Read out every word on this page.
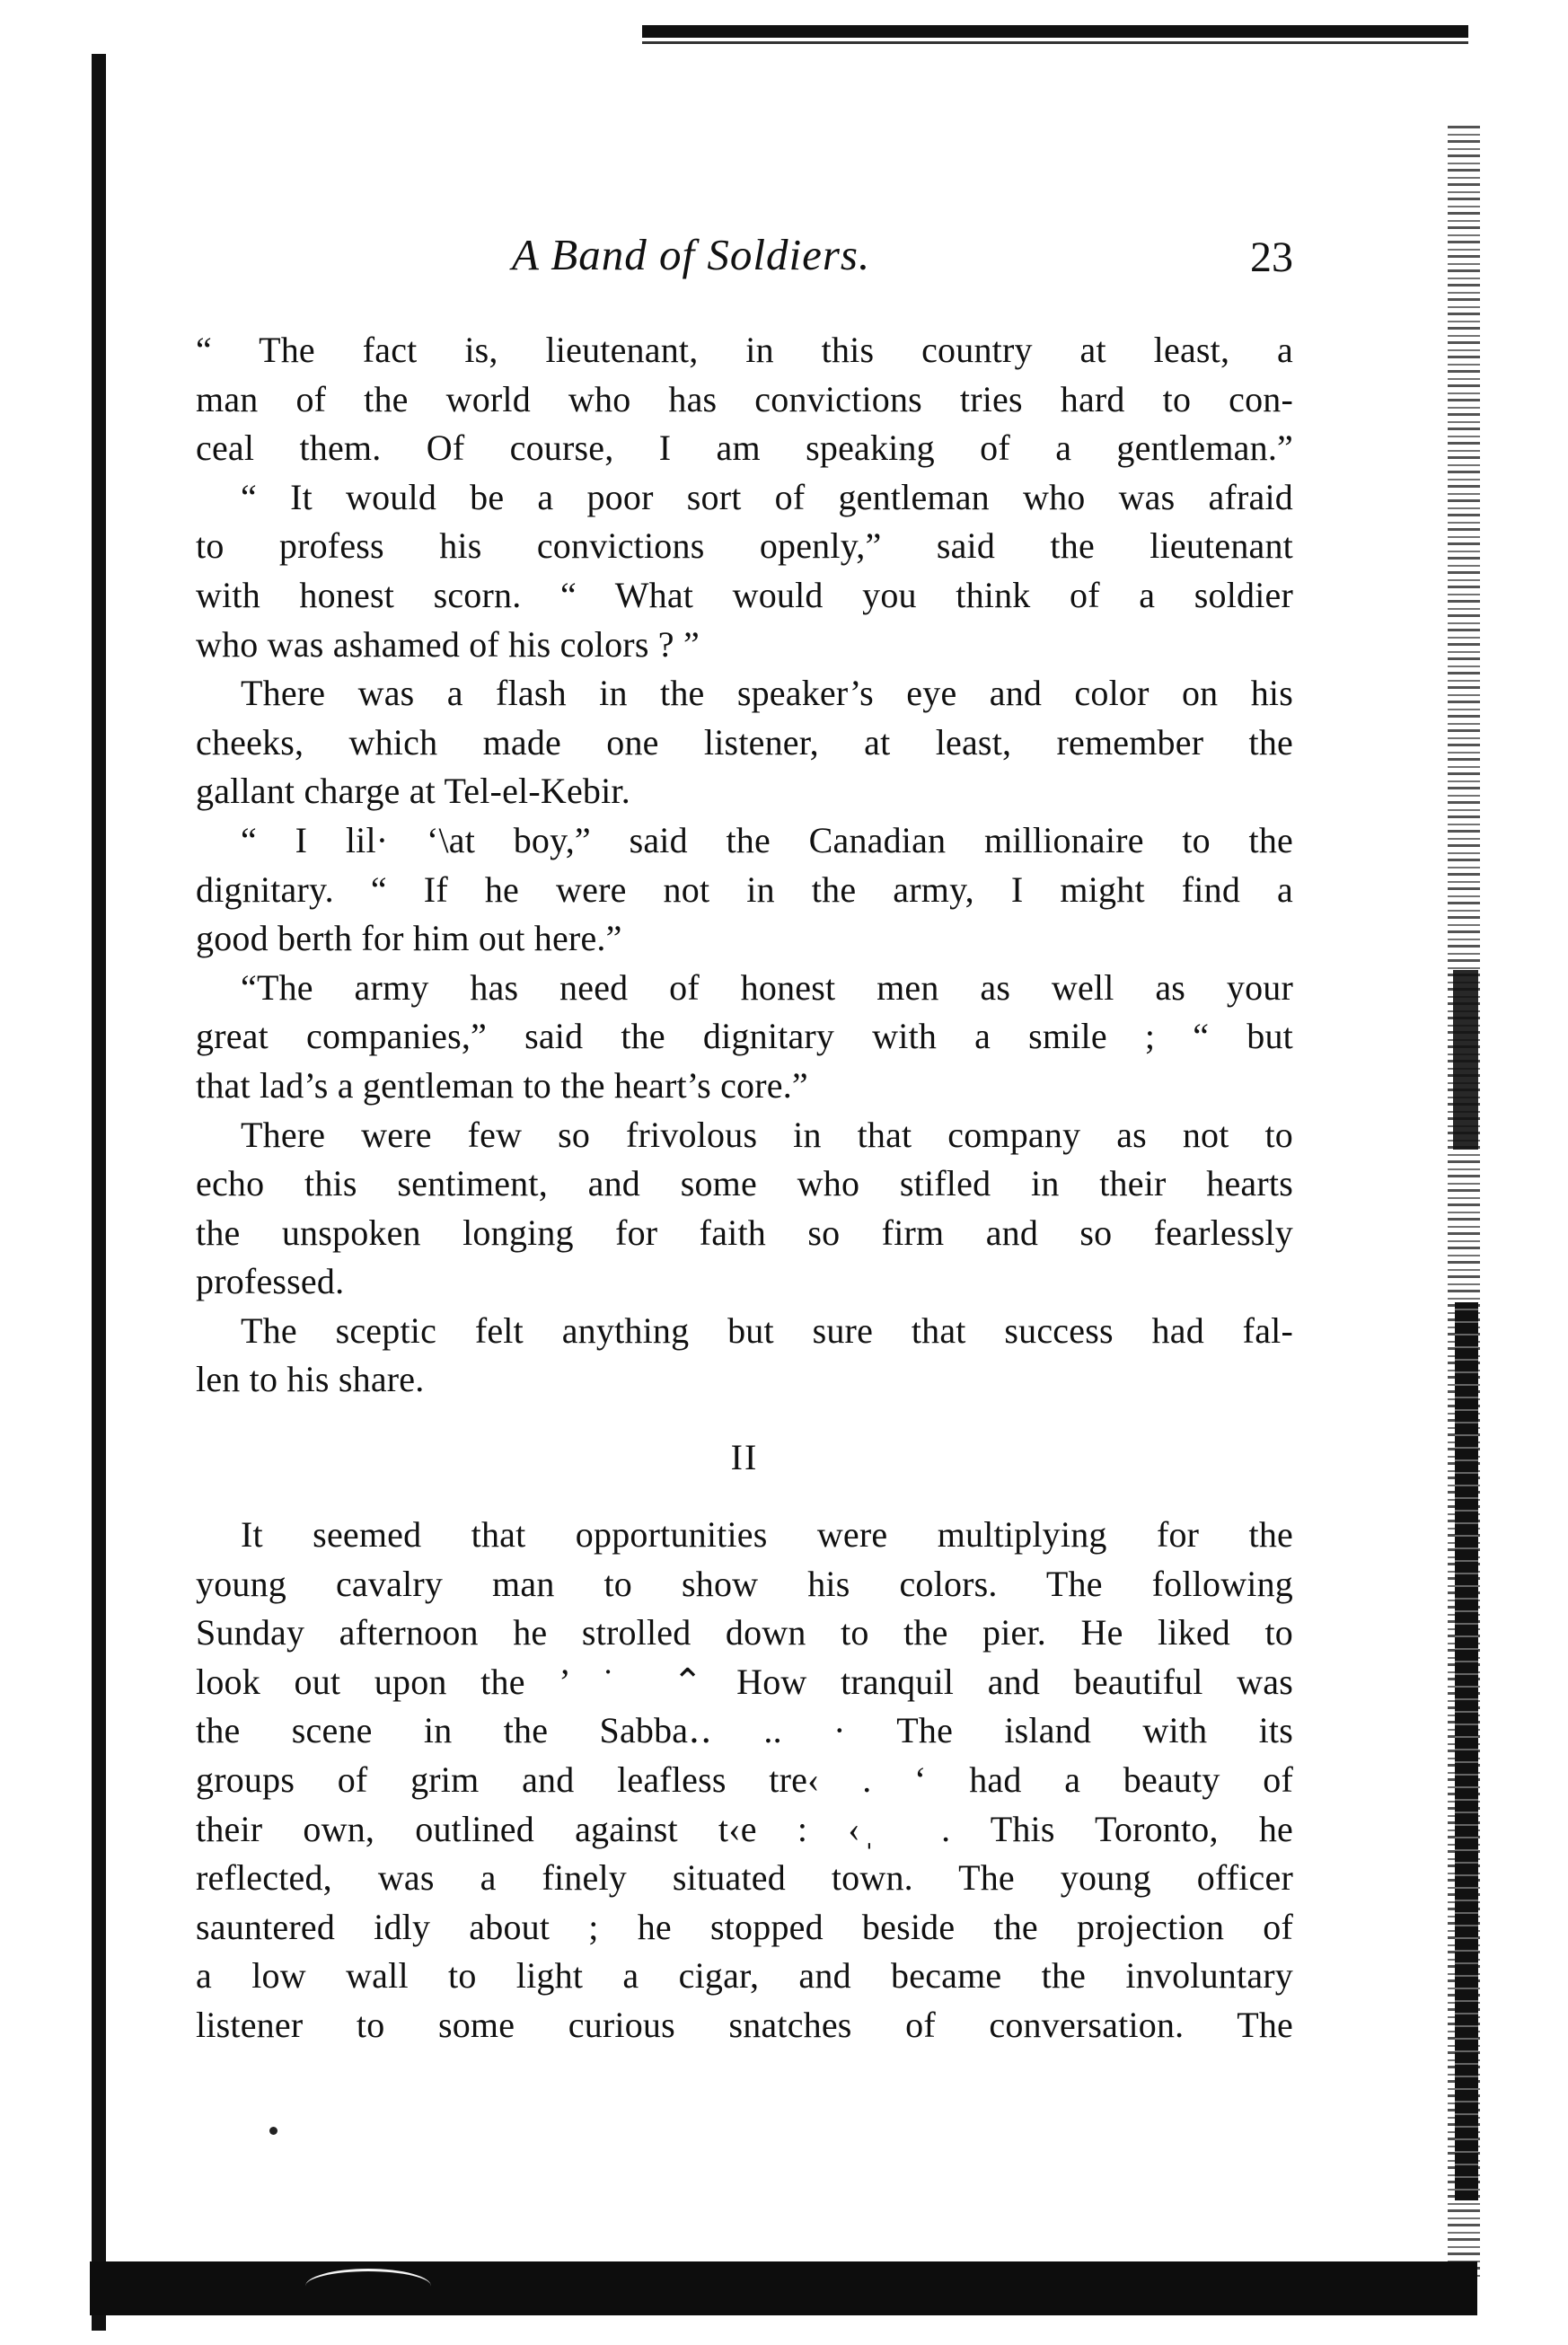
A Band of Soldiers.	23
“ The fact is, lieutenant, in this country at least, a
man of the world who has convictions tries hard to con-
ceal them. Of course, I am speaking of a gentleman.”
“ It would be a poor sort of gentleman who was afraid
to profess his convictions openly,” said the lieutenant
with honest scorn. “ What would you think of a soldier
who was ashamed of his colors ? ”
There was a flash in the speaker’s eye and color on his
cheeks, which made one listener, at least, remember the
gallant charge at Tel-el-Kebir.
“ I lil· ‘\at boy,” said the Canadian millionaire to the
dignitary. “ If he were not in the army, I might find a
good berth for him out here.”
“The army has need of honest men as well as your
great companies,” said the dignitary with a smile ; “ but
that lad’s a gentleman to the heart’s core.”
There were few so frivolous in that company as not to
echo this sentiment, and some who stifled in their hearts
the unspoken longing for faith so firm and so fearlessly
professed.
The sceptic felt anything but sure that success had fal-
len to his share.
II
It seemed that opportunities were multiplying for the
young cavalry man to show his colors. The following
Sunday afternoon he strolled down to the pier. He liked to
look out upon the ’ ˙ ⌃ How tranquil and beautiful was
the scene in the Sabba‥ .. · The island with its
groups of grim and leafless tre‹ . ‘ had a beauty of
their own, outlined against t‹e : ‹ ̩ . This Toronto, he
reflected, was a finely situated town. The young officer
sauntered idly about ; he stopped beside the projection of
a low wall to light a cigar, and became the involuntary
listener to some curious snatches of conversation. The
